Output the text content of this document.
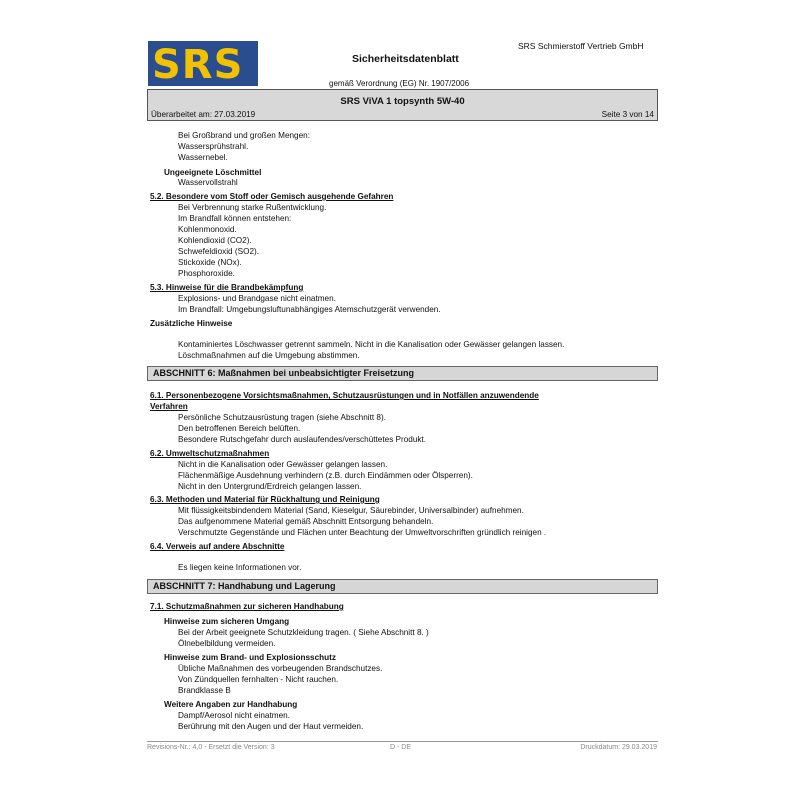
SRS	Sicherheitsdatenblatt
SRS Schmierstoff Vertrieb GmbH
gemäß Verordnung (EG) Nr. 1907/2006
SRS ViVA 1 topsynth 5W-40
Überarbeitet am: 27.03.2019	Seite 3 von 14
Bei Großbrand und großen Mengen:
Wassersprühstrahl.
Wassernebel.
Ungeeignete Löschmittel
Wasservollstrahl
5.2. Besondere vom Stoff oder Gemisch ausgehende Gefahren
Bei Verbrennung starke Rußentwicklung.
Im Brandfall können entstehen:
Kohlenmonoxid.
Kohlendioxid (CO2).
Schwefeldioxid (SO2).
Stickoxide (NOx).
Phosphoroxide.
5.3. Hinweise für die Brandbekämpfung
Explosions- und Brandgase nicht einatmen.
Im Brandfall: Umgebungsluftunabhängiges Atemschutzgerät verwenden.
Zusätzliche Hinweise
Kontaminiertes Löschwasser getrennt sammeln. Nicht in die Kanalisation oder Gewässer gelangen lassen.
Löschmaßnahmen auf die Umgebung abstimmen.
ABSCHNITT 6: Maßnahmen bei unbeabsichtigter Freisetzung
6.1. Personenbezogene Vorsichtsmaßnahmen, Schutzausrüstungen und in Notfällen anzuwendende
Verfahren
Persönliche Schutzausrüstung tragen (siehe Abschnitt 8).
Den betroffenen Bereich belüften.
Besondere Rutschgefahr durch auslaufendes/verschüttetes Produkt.
6.2. Umweltschutzmaßnahmen
Nicht in die Kanalisation oder Gewässer gelangen lassen.
Flächenmäßige Ausdehnung verhindern (z.B. durch Eindämmen oder Ölsperren).
Nicht in den Untergrund/Erdreich gelangen lassen.
6.3. Methoden und Material für Rückhaltung und Reinigung
Mit flüssigkeitsbindendem Material (Sand, Kieselgur, Säurebinder, Universalbinder) aufnehmen.
Das aufgenommene Material gemäß Abschnitt Entsorgung behandeln.
Verschmutzte Gegenstände und Flächen unter Beachtung der Umweltvorschriften gründlich reinigen .
6.4. Verweis auf andere Abschnitte
Es liegen keine Informationen vor.
ABSCHNITT 7: Handhabung und Lagerung
7.1. Schutzmaßnahmen zur sicheren Handhabung
Hinweise zum sicheren Umgang
Bei der Arbeit geeignete Schutzkleidung tragen. ( Siehe Abschnitt 8. )
Ölnebelbildung vermeiden.
Hinweise zum Brand- und Explosionsschutz
Übliche Maßnahmen des vorbeugenden Brandschutzes.
Von Zündquellen fernhalten - Nicht rauchen.
Brandklasse B
Weitere Angaben zur Handhabung
Dampf/Aerosol nicht einatmen.
Berührung mit den Augen und der Haut vermeiden.
Revisions-Nr.: 4,0 - Ersetzt die Version: 3	D - DE	Druckdatum: 29.03.2019
